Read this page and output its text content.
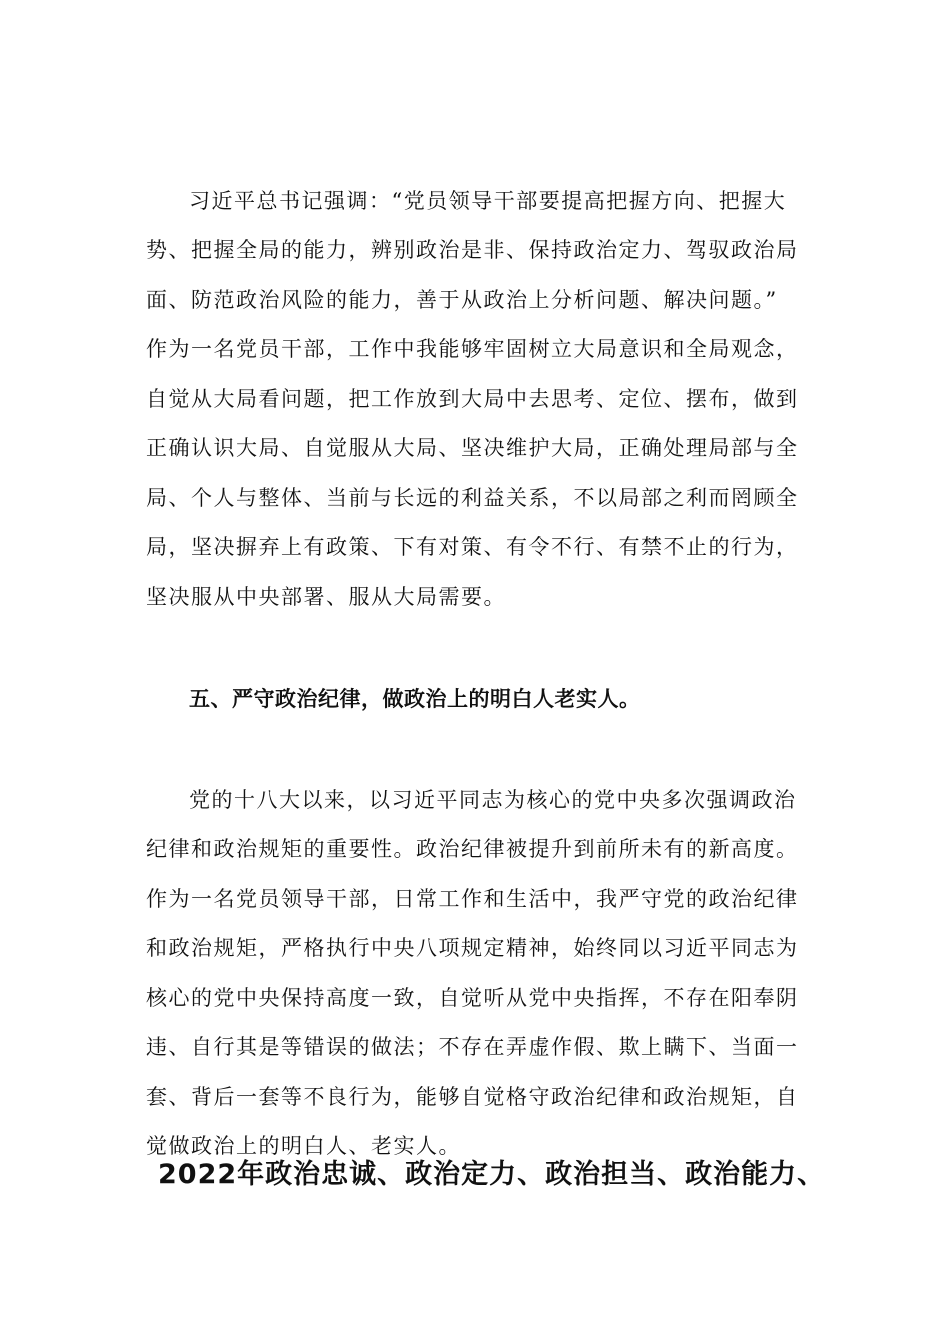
习近平总书记强调：“党员领导干部要提高把握方向、把握大
势、把握全局的能力，辨别政治是非、保持政治定力、驾驭政治局
面、防范政治风险的能力，善于从政治上分析问题、解决问题。”
作为一名党员干部，工作中我能够牢固树立大局意识和全局观念，
自觉从大局看问题，把工作放到大局中去思考、定位、摆布，做到
正确认识大局、自觉服从大局、坚决维护大局，正确处理局部与全
局、个人与整体、当前与长远的利益关系，不以局部之利而罔顾全
局，坚决摒弃上有政策、下有对策、有令不行、有禁不止的行为，
坚决服从中央部署、服从大局需要。
五、严守政治纪律，做政治上的明白人老实人。
党的十八大以来，以习近平同志为核心的党中央多次强调政治
纪律和政治规矩的重要性。政治纪律被提升到前所未有的新高度。
作为一名党员领导干部，日常工作和生活中，我严守党的政治纪律
和政治规矩，严格执行中央八项规定精神，始终同以习近平同志为
核心的党中央保持高度一致，自觉听从党中央指挥，不存在阳奉阴
违、自行其是等错误的做法；不存在弄虚作假、欺上瞒下、当面一
套、背后一套等不良行为，能够自觉格守政治纪律和政治规矩，自
觉做政治上的明白人、老实人。
2022年政治忠诚、政治定力、政治担当、政治能力、
